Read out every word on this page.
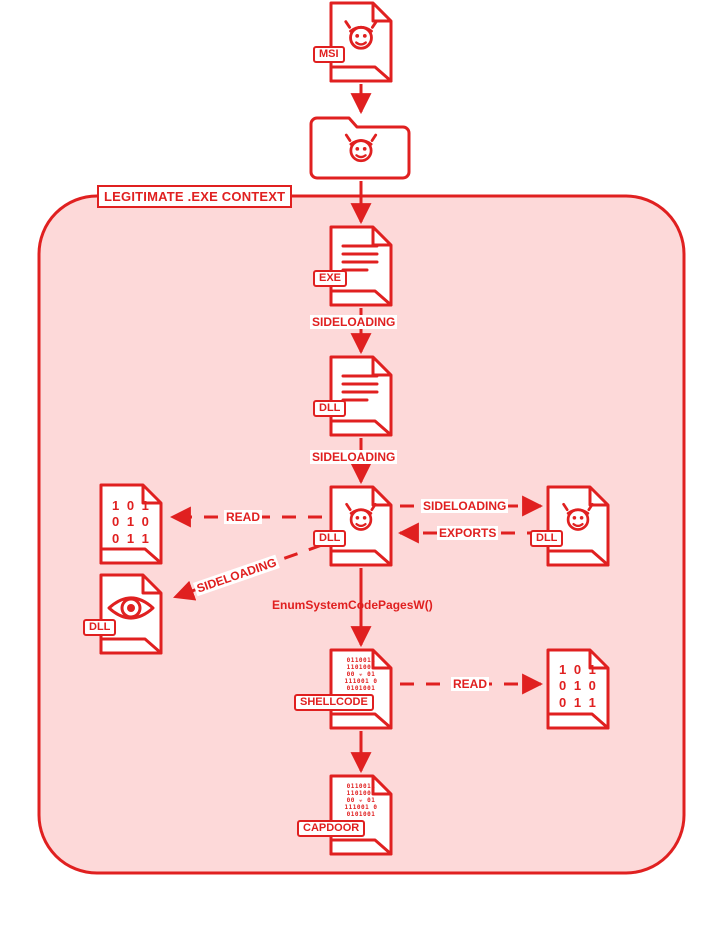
LEGITIMATE .EXE CONTEXT
MSI
EXE
DLL
DLL	DLL
DLL
SHELLCODE
CAPDOOR
1 0 1
0 1 0
0 1 1
1 0 1
0 1 0
0 1 1
0110011
1101001
00 ☣ 01
111001 0
0101001
0110011
1101001
00 ☣ 01
111001 0
0101001
SIDELOADING
SIDELOADING
READ
SIDELOADING
EXPORTS
SIDELOADING
READ
EnumSystemCodePagesW()
